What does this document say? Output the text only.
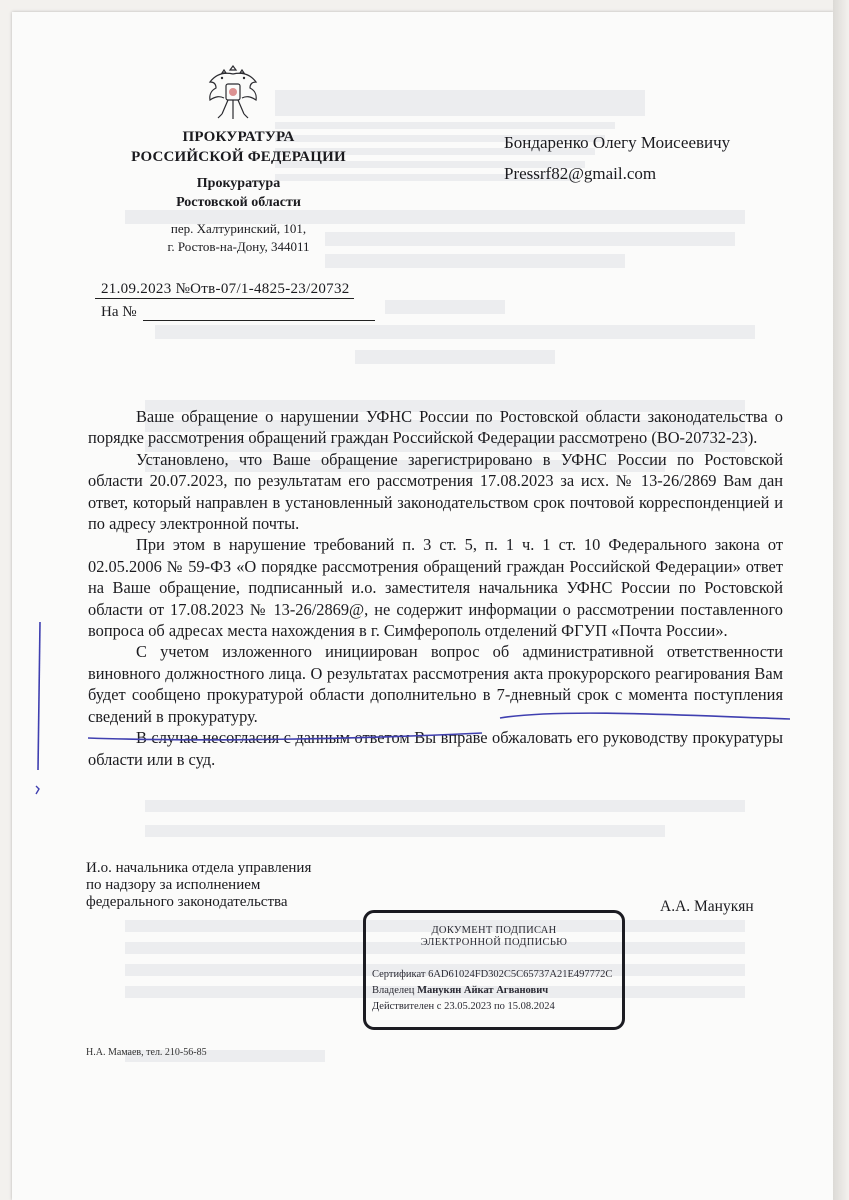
ПРОКУРАТУРА
РОССИЙСКОЙ ФЕДЕРАЦИИ
Прокуратура
Ростовской области
пер. Халтуринский, 101,
г. Ростов-на-Дону, 344011
Бондаренко Олегу Моисеевичу
Pressrf82@gmail.com
21.09.2023 №Отв-07/1-4825-23/20732
На №

Ваше обращение о нарушении УФНС России по Ростовской области законодательства о порядке рассмотрения обращений граждан Российской Федерации рассмотрено (ВО-20732-23).

Установлено, что Ваше обращение зарегистрировано в УФНС России по Ростовской области 20.07.2023, по результатам его рассмотрения 17.08.2023 за исх. № 13-26/2869 Вам дан ответ, который направлен в установленный законодательством срок почтовой корреспонденцией и по адресу электронной почты.

При этом в нарушение требований п. 3 ст. 5, п. 1 ч. 1 ст. 10 Федерального закона от 02.05.2006 № 59-ФЗ «О порядке рассмотрения обращений граждан Российской Федерации» ответ на Ваше обращение, подписанный и.о. заместителя начальника УФНС России по Ростовской области от 17.08.2023 № 13-26/2869@, не содержит информации о рассмотрении поставленного вопроса об адресах места нахождения в г. Симферополь отделений ФГУП «Почта России».

С учетом изложенного инициирован вопрос об административной ответственности виновного должностного лица. О результатах рассмотрения акта прокурорского реагирования Вам будет сообщено прокуратурой области дополнительно в 7-дневный срок с момента поступления сведений в прокуратуру.

В случае несогласия с данным ответом Вы вправе обжаловать его руководству прокуратуры области или в суд.

И.о. начальника отдела управления
по надзору за исполнением
федерального законодательства	А.А. Манукян
ДОКУМЕНТ ПОДПИСАН
ЭЛЕКТРОННОЙ ПОДПИСЬЮ
Сертификат 6AD61024FD302C5C65737A21E497772C
Владелец Манукян Айкат Агванович
Действителен с 23.05.2023 по 15.08.2024
Н.А. Мамаев, тел. 210-56-85
